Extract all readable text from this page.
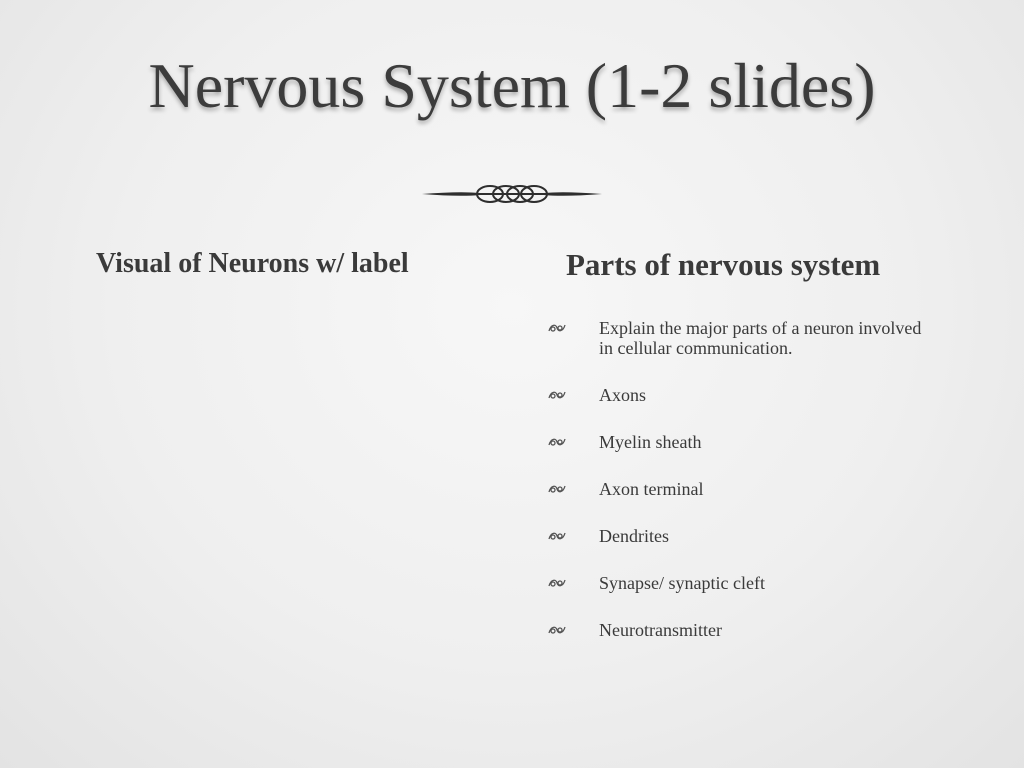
Nervous System (1-2 slides)
Visual of Neurons w/ label	Parts of nervous system
Explain the major parts of a neuron involved in cellular communication.
Axons
Myelin sheath
Axon terminal
Dendrites
Synapse/ synaptic cleft
Neurotransmitter
